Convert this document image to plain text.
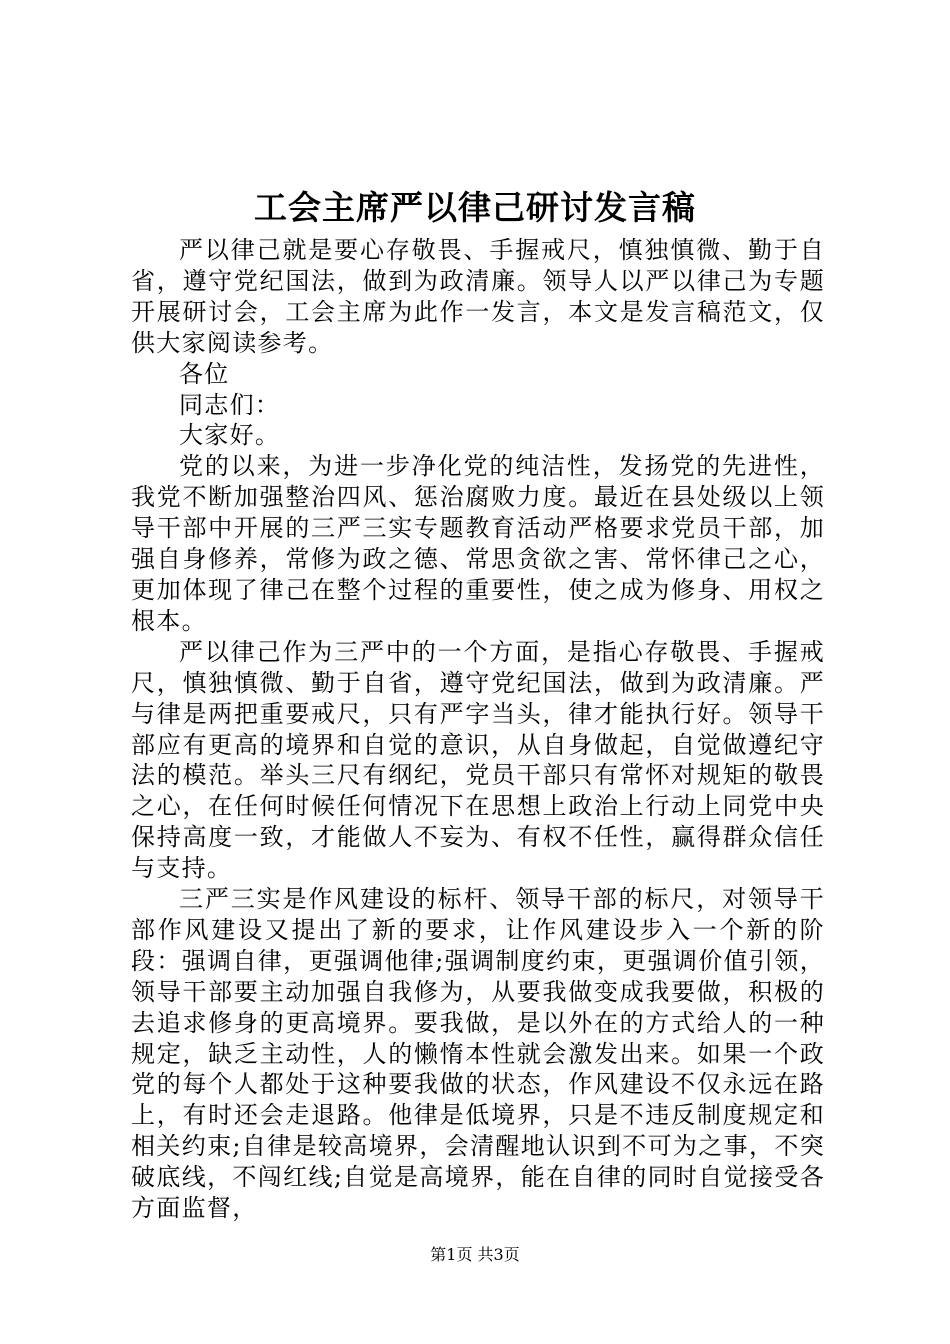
工会主席严以律己研讨发言稿

严以律己就是要心存敬畏、手握戒尺，慎独慎微、勤于自省，遵守党纪国法，做到为政清廉。领导人以严以律己为专题开展研讨会，工会主席为此作一发言，本文是发言稿范文，仅供大家阅读参考。

各位

同志们：

大家好。

党的以来，为进一步净化党的纯洁性，发扬党的先进性，我党不断加强整治四风、惩治腐败力度。最近在县处级以上领导干部中开展的三严三实专题教育活动严格要求党员干部，加强自身修养，常修为政之德、常思贪欲之害、常怀律己之心，更加体现了律己在整个过程的重要性，使之成为修身、用权之根本。

严以律己作为三严中的一个方面，是指心存敬畏、手握戒尺，慎独慎微、勤于自省，遵守党纪国法，做到为政清廉。严与律是两把重要戒尺，只有严字当头，律才能执行好。领导干部应有更高的境界和自觉的意识，从自身做起，自觉做遵纪守法的模范。举头三尺有纲纪，党员干部只有常怀对规矩的敬畏之心，在任何时候任何情况下在思想上政治上行动上同党中央保持高度一致，才能做人不妄为、有权不任性，赢得群众信任与支持。

三严三实是作风建设的标杆、领导干部的标尺，对领导干部作风建设又提出了新的要求，让作风建设步入一个新的阶段：强调自律，更强调他律;强调制度约束，更强调价值引领，领导干部要主动加强自我修为，从要我做变成我要做，积极的去追求修身的更高境界。要我做，是以外在的方式给人的一种规定，缺乏主动性，人的懒惰本性就会激发出来。如果一个政党的每个人都处于这种要我做的状态，作风建设不仅永远在路上，有时还会走退路。他律是低境界，只是不违反制度规定和相关约束;自律是较高境界，会清醒地认识到不可为之事，不突破底线，不闯红线;自觉是高境界，能在自律的同时自觉接受各方面监督，

第1页 共3页
